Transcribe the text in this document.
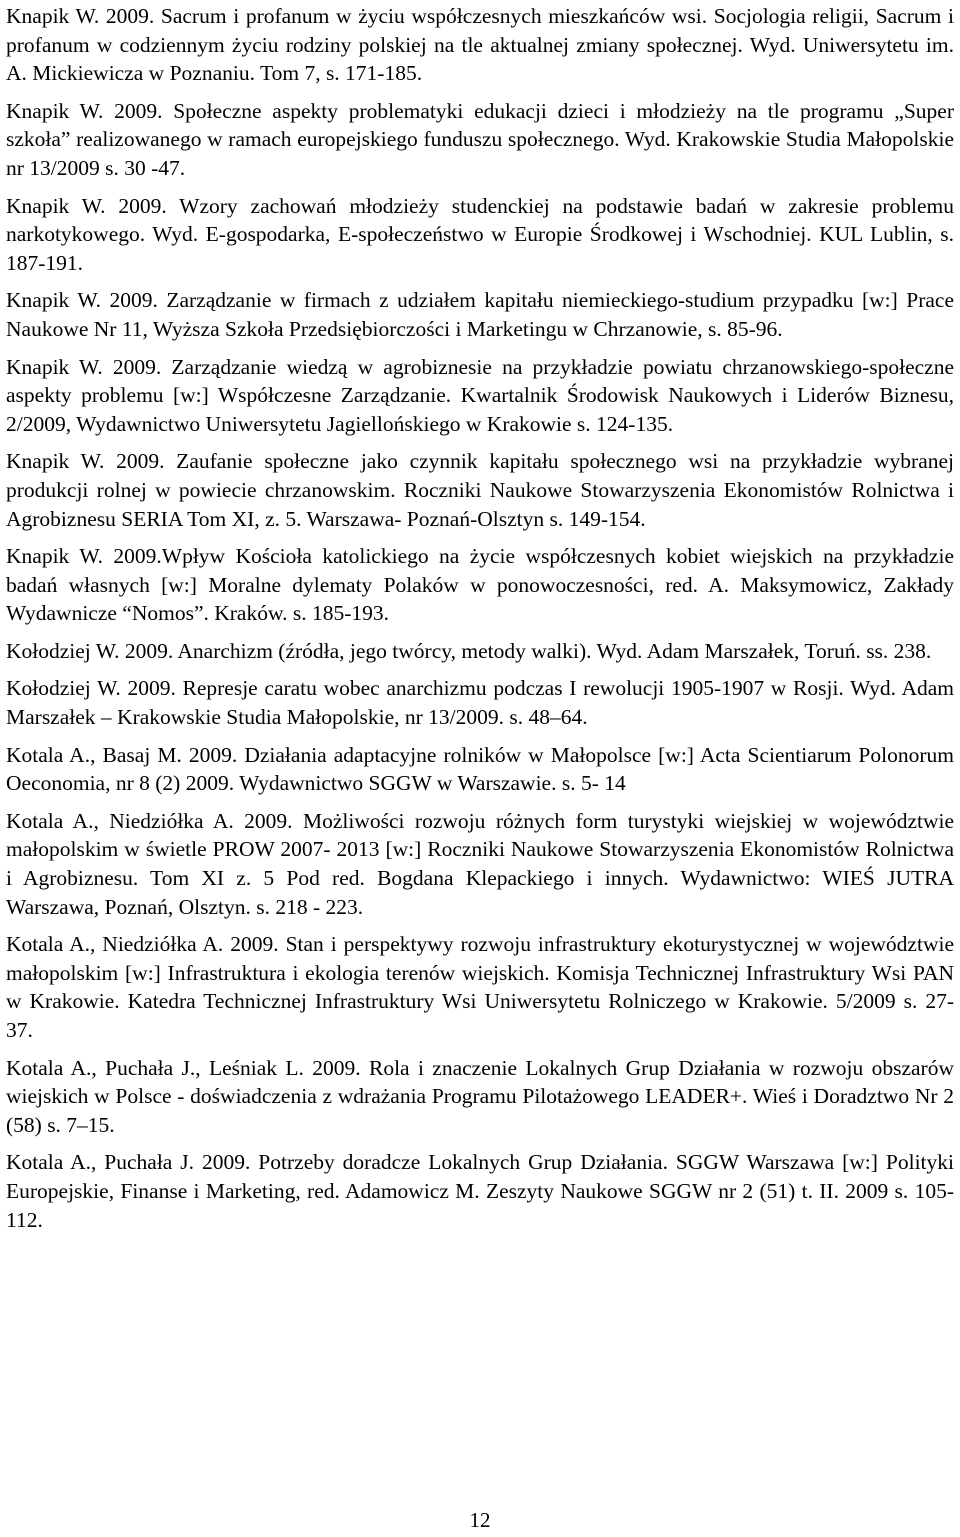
Knapik W. 2009. Sacrum i profanum w życiu współczesnych mieszkańców wsi. Socjologia religii, Sacrum i profanum w codziennym życiu rodziny polskiej na tle aktualnej zmiany społecznej. Wyd. Uniwersytetu im. A. Mickiewicza w Poznaniu. Tom 7, s. 171-185.

Knapik W. 2009. Społeczne aspekty problematyki edukacji dzieci i młodzieży na tle programu „Super szkoła” realizowanego w ramach europejskiego funduszu społecznego. Wyd. Krakowskie Studia Małopolskie nr 13/2009 s. 30 -47.

Knapik W. 2009. Wzory zachowań młodzieży studenckiej na podstawie badań w zakresie problemu narkotykowego. Wyd. E-gospodarka, E-społeczeństwo w Europie Środkowej i Wschodniej. KUL Lublin, s. 187-191.

Knapik W. 2009. Zarządzanie w firmach z udziałem kapitału niemieckiego-studium przypadku [w:] Prace Naukowe Nr 11, Wyższa Szkoła Przedsiębiorczości i Marketingu w Chrzanowie, s. 85-96.

Knapik W. 2009. Zarządzanie wiedzą w agrobiznesie na przykładzie powiatu chrzanowskiego-społeczne aspekty problemu [w:] Współczesne Zarządzanie. Kwartalnik Środowisk Naukowych i Liderów Biznesu, 2/2009, Wydawnictwo Uniwersytetu Jagiellońskiego w Krakowie s. 124-135.

Knapik W. 2009. Zaufanie społeczne jako czynnik kapitału społecznego wsi na przykładzie wybranej produkcji rolnej w powiecie chrzanowskim. Roczniki Naukowe Stowarzyszenia Ekonomistów Rolnictwa i Agrobiznesu SERIA Tom XI, z. 5. Warszawa- Poznań-Olsztyn s. 149-154.

Knapik W. 2009.Wpływ Kościoła katolickiego na życie współczesnych kobiet wiejskich na przykładzie badań własnych [w:] Moralne dylematy Polaków w ponowoczesności, red. A. Maksymowicz, Zakłady Wydawnicze “Nomos”. Kraków. s. 185-193.

Kołodziej W. 2009. Anarchizm (źródła, jego twórcy, metody walki). Wyd. Adam Marszałek, Toruń. ss. 238.

Kołodziej W. 2009. Represje caratu wobec anarchizmu podczas I rewolucji 1905-1907 w Rosji. Wyd. Adam Marszałek – Krakowskie Studia Małopolskie, nr 13/2009. s. 48–64.

Kotala A., Basaj M. 2009. Działania adaptacyjne rolników w Małopolsce [w:] Acta Scientiarum Polonorum Oeconomia, nr 8 (2) 2009. Wydawnictwo SGGW w Warszawie. s. 5- 14

Kotala A., Niedziółka A. 2009. Możliwości rozwoju różnych form turystyki wiejskiej w województwie małopolskim w świetle PROW 2007- 2013 [w:] Roczniki Naukowe Stowarzyszenia Ekonomistów Rolnictwa i Agrobiznesu. Tom XI z. 5 Pod red. Bogdana Klepackiego i innych. Wydawnictwo: WIEŚ JUTRA Warszawa, Poznań, Olsztyn. s. 218 - 223.

Kotala A., Niedziółka A. 2009. Stan i perspektywy rozwoju infrastruktury ekoturystycznej w województwie małopolskim [w:] Infrastruktura i ekologia terenów wiejskich. Komisja Technicznej Infrastruktury Wsi PAN w Krakowie. Katedra Technicznej Infrastruktury Wsi Uniwersytetu Rolniczego w Krakowie. 5/2009 s. 27- 37.

Kotala A., Puchała J., Leśniak L. 2009. Rola i znaczenie Lokalnych Grup Działania w rozwoju obszarów wiejskich w Polsce - doświadczenia z wdrażania Programu Pilotażowego LEADER+. Wieś i Doradztwo Nr 2 (58) s. 7–15.

Kotala A., Puchała J. 2009. Potrzeby doradcze Lokalnych Grup Działania. SGGW Warszawa [w:] Polityki Europejskie, Finanse i Marketing, red. Adamowicz M. Zeszyty Naukowe SGGW nr 2 (51) t. II. 2009 s. 105-112.

12
